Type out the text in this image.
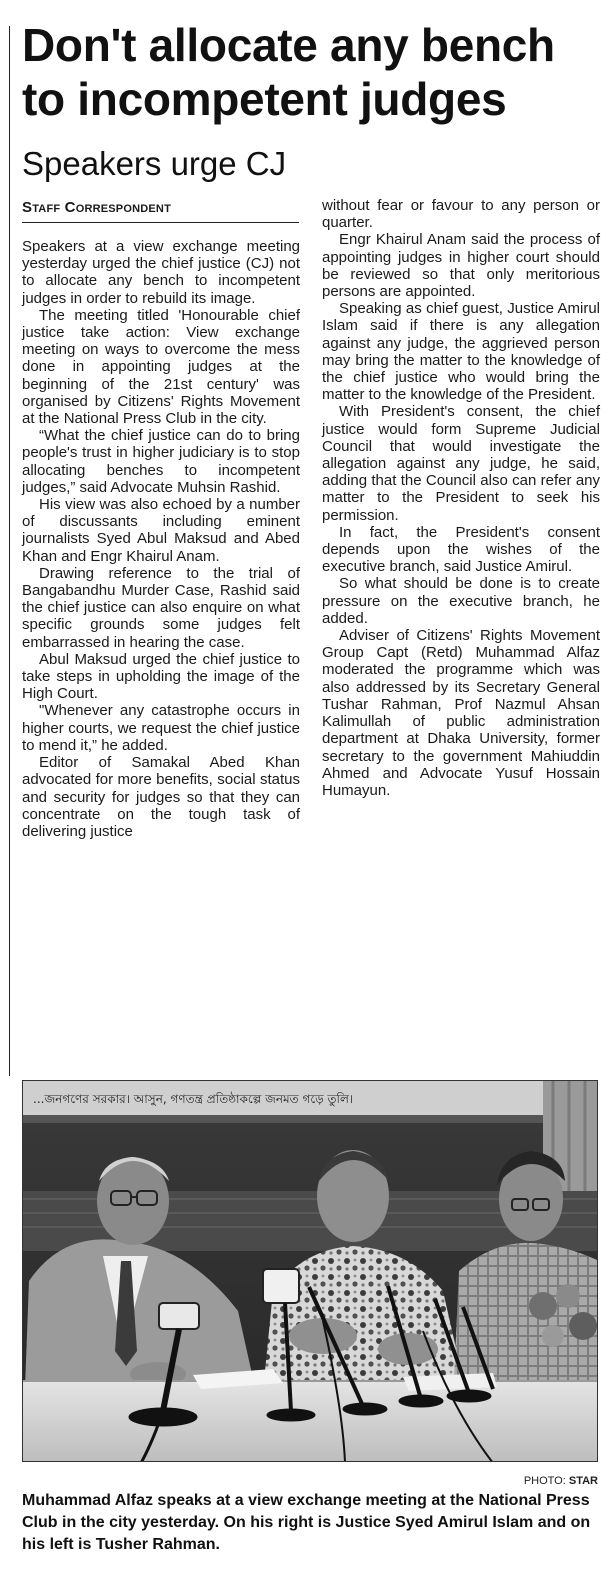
Don't allocate any bench to incompetent judges
Speakers urge CJ
Staff Correspondent

Speakers at a view exchange meeting yesterday urged the chief justice (CJ) not to allocate any bench to incompetent judges in order to rebuild its image.

The meeting titled 'Honourable chief justice take action: View exchange meeting on ways to overcome the mess done in appointing judges at the beginning of the 21st century' was organised by Citizens' Rights Movement at the National Press Club in the city.

“What the chief justice can do to bring people's trust in higher judiciary is to stop allocating benches to incompetent judges,” said Advocate Muhsin Rashid.

His view was also echoed by a number of discussants including eminent journalists Syed Abul Maksud and Abed Khan and Engr Khairul Anam.

Drawing reference to the trial of Bangabandhu Murder Case, Rashid said the chief justice can also enquire on what specific grounds some judges felt embarrassed in hearing the case.

Abul Maksud urged the chief justice to take steps in upholding the image of the High Court.

"Whenever any catastrophe occurs in higher courts, we request the chief justice to mend it,” he added.

Editor of Samakal Abed Khan advocated for more benefits, social status and security for judges so that they can concentrate on the tough task of delivering justice

without fear or favour to any person or quarter.

Engr Khairul Anam said the process of appointing judges in higher court should be reviewed so that only meritorious persons are appointed.

Speaking as chief guest, Justice Amirul Islam said if there is any allegation against any judge, the aggrieved person may bring the matter to the knowledge of the chief justice who would bring the matter to the knowledge of the President.

With President's consent, the chief justice would form Supreme Judicial Council that would investigate the allegation against any judge, he said, adding that the Council also can refer any matter to the President to seek his permission.

In fact, the President's consent depends upon the wishes of the executive branch, said Justice Amirul.

So what should be done is to create pressure on the executive branch, he added.

Adviser of Citizens' Rights Movement Group Capt (Retd) Muhammad Alfaz moderated the programme which was also addressed by its Secretary General Tushar Rahman, Prof Nazmul Ahsan Kalimullah of public administration department at Dhaka University, former secretary to the government Mahiuddin Ahmed and Advocate Yusuf Hossain Humayun.

...জনগণের সরকার। আসুন, গণতন্ত্র প্রতিষ্ঠাকল্পে জনমত গড়ে তুলি।
PHOTO: STAR

Muhammad Alfaz speaks at a view exchange meeting at the National Press Club in the city yesterday. On his right is Justice Syed Amirul Islam and on his left is Tusher Rahman.
